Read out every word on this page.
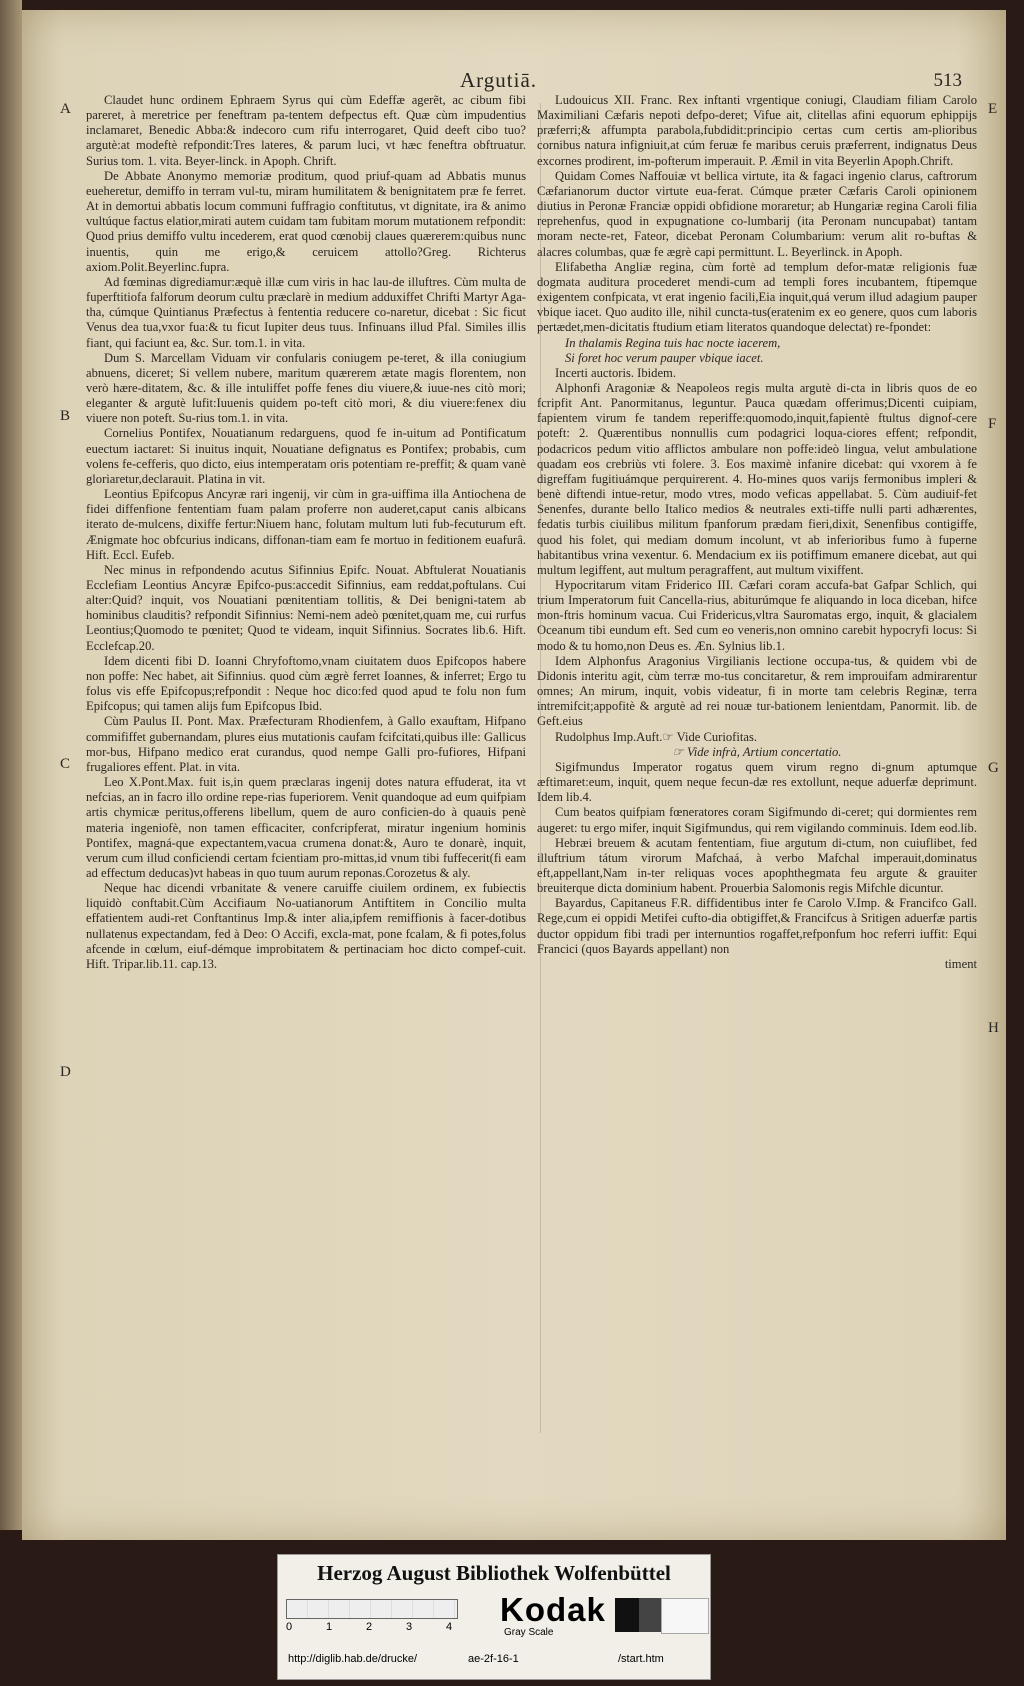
Argutiā.	513

Claudet hunc ordinem Ephraem Syrus qui cùm Edeffæ agerẽt, ac cibum fibi pareret, à meretrice per feneftram pa-tentem defpectus eft. Quæ cùm impudentius inclamaret, Benedic Abba:& indecoro cum rifu interrogaret, Quid deeft cibo tuo?argutè:at modeftè refpondit:Tres lateres, & parum luci, vt hæc feneftra obftruatur. Surius tom. 1. vita. Beyer-linck. in Apoph. Chrift.

De Abbate Anonymo memoriæ proditum, quod priuf-quam ad Abbatis munus eueheretur, demiffo in terram vul-tu, miram humilitatem & benignitatem præ fe ferret. At in demortui abbatis locum communi fuffragio conftitutus, vt dignitate, ira & animo vultúque factus elatior,mirati autem cuidam tam fubitam morum mutationem refpondit: Quod prius demiffo vultu incederem, erat quod cœnobij claues quærerem:quibus nunc inuentis, quin me erigo,& ceruicem attollo?Greg. Richterus axiom.Polit.Beyerlinc.fupra.

Ad fœminas digrediamur:æquè illæ cum viris in hac lau-de illuftres. Cùm multa de fuperftitiofa falforum deorum cultu præclarè in medium adduxiffet Chrifti Martyr Aga-tha, cúmque Quintianus Præfectus à fententia reducere co-naretur, dicebat : Sic ficut Venus dea tua,vxor fua:& tu ficut Iupiter deus tuus. Infinuans illud Pfal. Similes illis fiant, qui faciunt ea, &c. Sur. tom.1. in vita.

Dum S. Marcellam Viduam vir confularis coniugem pe-teret, & illa coniugium abnuens, diceret; Si vellem nubere, maritum quærerem ætate magis florentem, non verò hære-ditatem, &c. & ille intuliffet poffe fenes diu viuere,& iuue-nes citò mori; eleganter & argutè lufit:Iuuenis quidem po-teft citò mori, & diu viuere:fenex diu viuere non poteft. Su-rius tom.1. in vita.

Cornelius Pontifex, Nouatianum redarguens, quod fe in-uitum ad Pontificatum euectum iactaret: Si inuitus inquit, Nouatiane defignatus es Pontifex; probabis, cum volens fe-cefferis, quo dicto, eius intemperatam oris potentiam re-preffit; & quam vanè gloriaretur,declarauit. Platina in vit.

Leontius Epifcopus Ancyræ rari ingenij, vir cùm in gra-uiffima illa Antiochena de fidei diffenfione fententiam fuam palam proferre non auderet,caput canis albicans iterato de-mulcens, dixiffe fertur:Niuem hanc, folutam multum luti fub-fecuturum eft. Ænigmate hoc obfcurius indicans, diffonan-tiam eam fe mortuo in feditionem euafurâ. Hift. Eccl. Eufeb.

Nec minus in refpondendo acutus Sifinnius Epifc. Nouat. Abftulerat Nouatianis Ecclefiam Leontius Ancyræ Epifco-pus:accedit Sifinnius, eam reddat,poftulans. Cui alter:Quid? inquit, vos Nouatiani pœnitentiam tollitis, & Dei benigni-tatem ab hominibus clauditis? refpondit Sifinnius: Nemi-nem adeò pœnitet,quam me, cui rurfus Leontius;Quomodo te pœnitet; Quod te videam, inquit Sifinnius. Socrates lib.6. Hift. Ecclefcap.20.

Idem dicenti fibi D. Ioanni Chryfoftomo,vnam ciuitatem duos Epifcopos habere non poffe: Nec habet, ait Sifinnius. quod cùm ægrè ferret Ioannes, & inferret; Ergo tu folus vis effe Epifcopus;refpondit : Neque hoc dico:fed quod apud te folu non fum Epifcopus; qui tamen alijs fum Epifcopus Ibid.

Cùm Paulus II. Pont. Max. Præfecturam Rhodienfem, à Gallo exauftam, Hifpano commififfet gubernandam, plures eius mutationis caufam fcifcitati,quibus ille: Gallicus mor-bus, Hifpano medico erat curandus, quod nempe Galli pro-fufiores, Hifpani frugaliores effent. Plat. in vita.

Leo X.Pont.Max. fuit is,in quem præclaras ingenij dotes natura effuderat, ita vt nefcias, an in facro illo ordine repe-rias fuperiorem. Venit quandoque ad eum quifpiam artis chymicæ peritus,offerens libellum, quem de auro conficien-do à quauis penè materia ingeniofè, non tamen efficaciter, confcripferat, miratur ingenium hominis Pontifex, magná-que expectantem,vacua crumena donat:&, Auro te donarè, inquit, verum cum illud conficiendi certam fcientiam pro-mittas,id vnum tibi fuffecerit(fi eam ad effectum deducas)vt habeas in quo tuum aurum reponas.Corozetus & aly.

Neque hac dicendi vrbanitate & venere caruiffe ciuilem ordinem, ex fubiectis liquidò conftabit.Cùm Accifiaum No-uatianorum Antiftitem in Concilio multa effatientem audi-ret Conftantinus Imp.& inter alia,ipfem remiffionis à facer-dotibus nullatenus expectandam, fed à Deo: O Accifi, excla-mat, pone fcalam, & fi potes,folus afcende in cœlum, eiuf-démque improbitatem & pertinaciam hoc dicto compef-cuit. Hift. Tripar.lib.11. cap.13.

Ludouicus XII. Franc. Rex inftanti vrgentique coniugi, Claudiam filiam Carolo Maximiliani Cæfaris nepoti defpo-deret; Vifue ait, clitellas afini equorum ephippijs præferri;& affumpta parabola,fubdidit:principio certas cum certis am-plioribus cornibus natura infigniuit,at cúm feruæ fe maribus ceruis præferrent, indignatus Deus excornes prodirent, im-pofterum imperauit. P. Æmil in vita Beyerlin Apoph.Chrift.

Quidam Comes Naffouiæ vt bellica virtute, ita & fagaci ingenio clarus, caftrorum Cæfarianorum ductor virtute eua-ferat. Cúmque præter Cæfaris Caroli opinionem diutius in Peronæ Franciæ oppidi obfidione moraretur; ab Hungariæ regina Caroli filia reprehenfus, quod in expugnatione co-lumbarij (ita Peronam nuncupabat) tantam moram necte-ret, Fateor, dicebat Peronam Columbarium: verum alit ro-buftas & alacres columbas, quæ fe ægrè capi permittunt. L. Beyerlinck. in Apoph.

Elifabetha Angliæ regina, cùm fortè ad templum defor-matæ religionis fuæ dogmata auditura procederet mendi-cum ad templi fores incubantem, ftipemque exigentem confpicata, vt erat ingenio facili,Eia inquit,quá verum illud adagium pauper vbique iacet. Quo audito ille, nihil cuncta-tus(eratenim ex eo genere, quos cum laboris pertædet,men-dicitatis ftudium etiam literatos quandoque delectat) re-fpondet:

In thalamis Regina tuis hac nocte iacerem,

Si foret hoc verum pauper vbique iacet.

Incerti auctoris. Ibidem.

Alphonfi Aragoniæ & Neapoleos regis multa argutè di-cta in libris quos de eo fcripfit Ant. Panormitanus, leguntur. Pauca quædam offerimus;Dicenti cuipiam, fapientem virum fe tandem reperiffe:quomodo,inquit,fapientè ftultus dignof-cere poteft: 2. Quærentibus nonnullis cum podagrici loqua-ciores effent; refpondit, podacricos pedum vitio afflictos ambulare non poffe:ideò lingua, velut ambulatione quadam eos crebriùs vti folere. 3. Eos maximè infanire dicebat: qui vxorem à fe digreffam fugitiuámque perquirerent. 4. Ho-mines quos varijs fermonibus impleri & benè diftendi intue-retur, modo vtres, modo veficas appellabat. 5. Cùm audiuif-fet Senenfes, durante bello Italico medios & neutrales exti-tiffe nulli parti adhærentes, fedatis turbis ciuilibus militum fpanforum prædam fieri,dixit, Senenfibus contigiffe, quod his folet, qui mediam domum incolunt, vt ab inferioribus fumo à fuperne habitantibus vrina vexentur. 6. Mendacium ex iis potiffimum emanere dicebat, aut qui multum legiffent, aut multum peragraffent, aut multum vixiffent.

Hypocritarum vitam Friderico III. Cæfari coram accufa-bat Gafpar Schlich, qui trium Imperatorum fuit Cancella-rius, abiturúmque fe aliquando in loca diceban, hifce mon-ftris hominum vacua. Cui Fridericus,vltra Sauromatas ergo, inquit, & glacialem Oceanum tibi eundum eft. Sed cum eo veneris,non omnino carebit hypocryfi locus: Si modo & tu homo,non Deus es. Æn. Sylnius lib.1.

Idem Alphonfus Aragonius Virgilianis lectione occupa-tus, & quidem vbi de Didonis interitu agit, cùm terræ mo-tus concitaretur, & rem improuifam admirarentur omnes; An mirum, inquit, vobis videatur, fi in morte tam celebris Reginæ, terra intremifcit;appofitè & argutè ad rei nouæ tur-bationem lenientdam, Panormit. lib. de Geft.eius

Rudolphus Imp.Auft.☞ Vide Curiofitas.

☞ Vide infrà, Artium concertatio.

Sigifmundus Imperator rogatus quem virum regno di-gnum aptumque æftimaret:eum, inquit, quem neque fecun-dæ res extollunt, neque aduerfæ deprimunt. Idem lib.4.

Cum beatos quifpiam fœneratores coram Sigifmundo di-ceret; qui dormientes rem augeret: tu ergo mifer, inquit Sigifmundus, qui rem vigilando comminuis. Idem eod.lib.

Hebræi breuem & acutam fententiam, fiue argutum di-ctum, non cuiuflibet, fed illuftrium tátum virorum Mafchaá, à verbo Mafchal imperauit,dominatus eft,appellant,Nam in-ter reliquas voces apophthegmata feu argute & grauiter breuiterque dicta dominium habent. Prouerbia Salomonis regis Mifchle dicuntur.

Bayardus, Capitaneus F.R. diffidentibus inter fe Carolo V.Imp. & Francifco Gall. Rege,cum ei oppidi Metifei cufto-dia obtigiffet,& Francifcus à Sritigen aduerfæ partis ductor oppidum fibi tradi per internuntios rogaffet,refponfum hoc referri iuffit: Equi Francici (quos Bayards appellant) non

timent

A
B
C
D
E
F
G
H
Herzog August Bibliothek Wolfenbüttel
0	1	2	3	4 Kodak
Gray Scale
http://diglib.hab.de/drucke/	ae-2f-16-1	/start.htm
